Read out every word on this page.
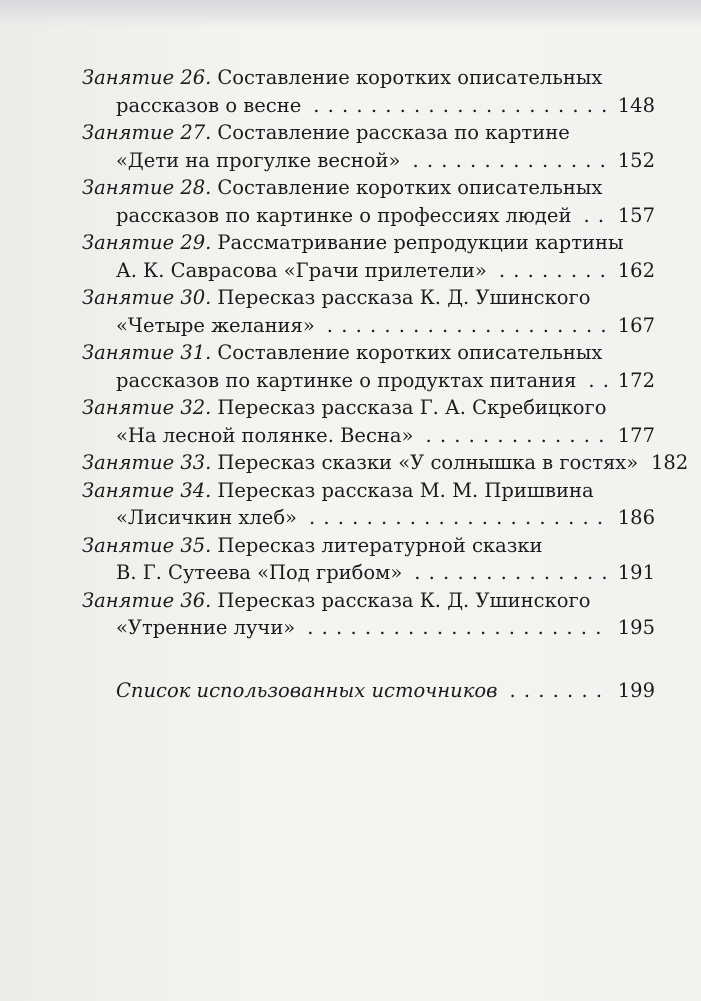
Занятие 26. Составление коротких описательных
рассказов о весне . . .	148
Занятие 27. Составление рассказа по картине
«Дети на прогулке весной» . . .	152
Занятие 28. Составление коротких описательных
рассказов по картинке о профессиях людей . . . 157
Занятие 29. Рассматривание репродукции картины
А. К. Саврасова «Грачи прилетели» . . .	162
Занятие 30. Пересказ рассказа К. Д. Ушинского
«Четыре желания» . . .	167
Занятие 31. Составление коротких описательных
рассказов по картинке о продуктах питания . . . 172
Занятие 32. Пересказ рассказа Г. А. Скребицкого
«На лесной полянке. Весна» . . .	177
Занятие 33. Пересказ сказки «У солнышка в гостях» 182
Занятие 34. Пересказ рассказа М. М. Пришвина
«Лисичкин хлеб» . . .	186
Занятие 35. Пересказ литературной сказки
В. Г. Сутеева «Под грибом» . . .	191
Занятие 36. Пересказ рассказа К. Д. Ушинского
«Утренние лучи» . . .	195
Список использованных источников . . .	199
